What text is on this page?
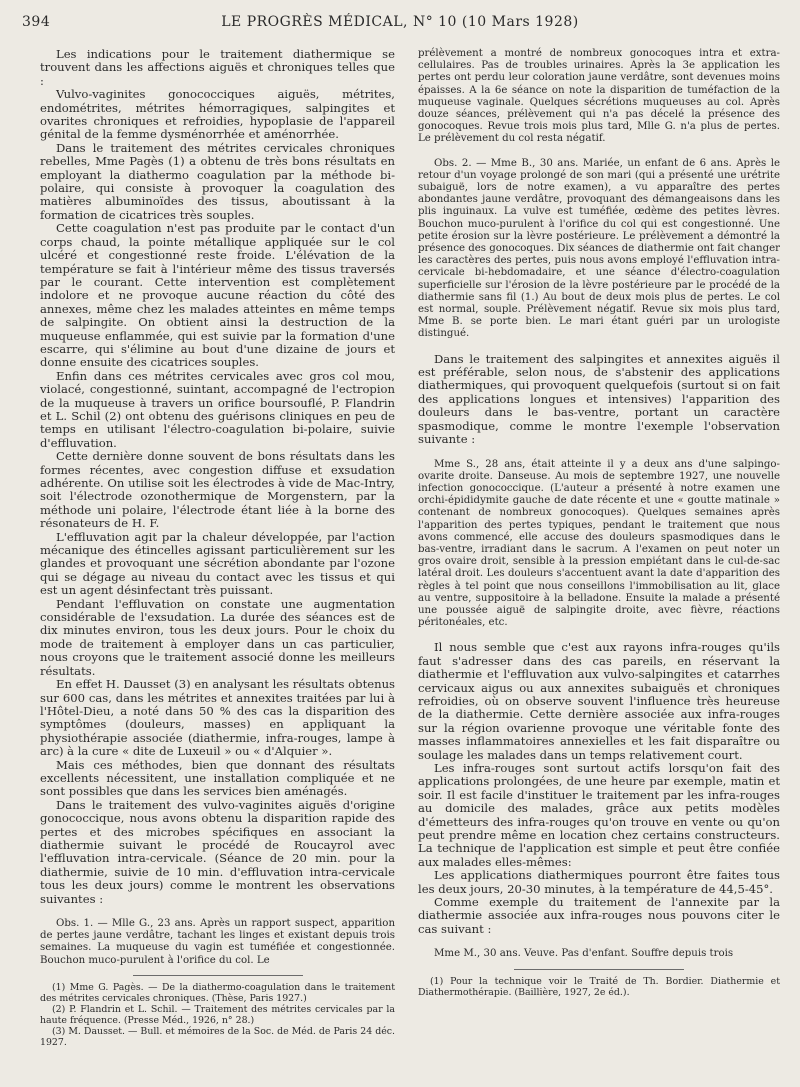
394	LE PROGRÈS MÉDICAL, N° 10 (10 Mars 1928)

Les indications pour le traitement diathermique se trouvent dans les affections aiguës et chroniques telles que :

Vulvo-vaginites gonococciques aiguës, métrites, endométrites, métrites hémorragiques, salpingites et ovarites chroniques et refroidies, hypoplasie de l'appareil génital de la femme dysménorrhée et aménorrhée.

Dans le traitement des métrites cervicales chroniques rebelles, Mme Pagès (1) a obtenu de très bons résultats en employant la diathermo coagulation par la méthode bi-polaire, qui consiste à provoquer la coagulation des matières albuminoïdes des tissus, aboutissant à la formation de cicatrices très souples.

Cette coagulation n'est pas produite par le contact d'un corps chaud, la pointe métallique appliquée sur le col ulcéré et congestionné reste froide. L'élévation de la température se fait à l'intérieur même des tissus traversés par le courant. Cette intervention est complètement indolore et ne provoque aucune réaction du côté des annexes, même chez les malades atteintes en même temps de salpingite. On obtient ainsi la destruction de la muqueuse enflammée, qui est suivie par la formation d'une escarre, qui s'élimine au bout d'une dizaine de jours et donne ensuite des cicatrices souples.

Enfin dans ces métrites cervicales avec gros col mou, violacé, congestionné, suintant, accompagné de l'ectropion de la muqueuse à travers un orifice boursouflé, P. Flandrin et L. Schil (2) ont obtenu des guérisons cliniques en peu de temps en utilisant l'électro-coagulation bi-polaire, suivie d'effluvation.

Cette dernière donne souvent de bons résultats dans les formes récentes, avec congestion diffuse et exsudation adhérente. On utilise soit les électrodes à vide de Mac-Intry, soit l'électrode ozonothermique de Morgenstern, par la méthode uni polaire, l'électrode étant liée à la borne des résonateurs de H. F.

L'effluvation agit par la chaleur développée, par l'action mécanique des étincelles agissant particulièrement sur les glandes et provoquant une sécrétion abondante par l'ozone qui se dégage au niveau du contact avec les tissus et qui est un agent désinfectant très puissant.

Pendant l'effluvation on constate une augmentation considérable de l'exsudation. La durée des séances est de dix minutes environ, tous les deux jours. Pour le choix du mode de traitement à employer dans un cas particulier, nous croyons que le traitement associé donne les meilleurs résultats.

En effet H. Dausset (3) en analysant les résultats obtenus sur 600 cas, dans les métrites et annexites traitées par lui à l'Hôtel-Dieu, a noté dans 50 % des cas la disparition des symptômes (douleurs, masses) en appliquant la physiothérapie associée (diathermie, infra-rouges, lampe à arc) à la cure « dite de Luxeuil » ou « d'Alquier ».

Mais ces méthodes, bien que donnant des résultats excellents nécessitent, une installation compliquée et ne sont possibles que dans les services bien aménagés.

Dans le traitement des vulvo-vaginites aiguës d'origine gonococcique, nous avons obtenu la disparition rapide des pertes et des microbes spécifiques en associant la diathermie suivant le procédé de Roucayrol avec l'effluvation intra-cervicale. (Séance de 20 min. pour la diathermie, suivie de 10 min. d'effluvation intra-cervicale tous les deux jours) comme le montrent les observations suivantes :

Obs. 1. — Mlle G., 23 ans. Après un rapport suspect, apparition de pertes jaune verdâtre, tachant les linges et existant depuis trois semaines. La muqueuse du vagin est tuméfiée et congestionnée. Bouchon muco-purulent à l'orifice du col. Le

(1) Mme G. Pagès. — De la diathermo-coagulation dans le traitement des métrites cervicales chroniques. (Thèse, Paris 1927.)

(2) P. Flandrin et L. Schil. — Traitement des métrites cervicales par la haute fréquence. (Presse Méd., 1926, n° 28.)

(3) M. Dausset. — Bull. et mémoires de la Soc. de Méd. de Paris 24 déc. 1927.

prélèvement a montré de nombreux gonocoques intra et extra-cellulaires. Pas de troubles urinaires. Après la 3e application les pertes ont perdu leur coloration jaune verdâtre, sont devenues moins épaisses. A la 6e séance on note la disparition de tuméfaction de la muqueuse vaginale. Quelques sécrétions muqueuses au col. Après douze séances, prélèvement qui n'a pas décelé la présence des gonocoques. Revue trois mois plus tard, Mlle G. n'a plus de pertes. Le prélèvement du col resta négatif.

Obs. 2. — Mme B., 30 ans. Mariée, un enfant de 6 ans. Après le retour d'un voyage prolongé de son mari (qui a présenté une urétrite subaiguë, lors de notre examen), a vu apparaître des pertes abondantes jaune verdâtre, provoquant des démangeaisons dans les plis inguinaux. La vulve est tuméfiée, œdème des petites lèvres. Bouchon muco-purulent à l'orifice du col qui est congestionné. Une petite érosion sur la lèvre postérieure. Le prélèvement a démontré la présence des gonocoques. Dix séances de diathermie ont fait changer les caractères des pertes, puis nous avons employé l'effluvation intra-cervicale bi-hebdomadaire, et une séance d'électro-coagulation superficielle sur l'érosion de la lèvre postérieure par le procédé de la diathermie sans fil (1.) Au bout de deux mois plus de pertes. Le col est normal, souple. Prélèvement négatif. Revue six mois plus tard, Mme B. se porte bien. Le mari étant guéri par un urologiste distingué.

Dans le traitement des salpingites et annexites aiguës il est préférable, selon nous, de s'abstenir des applications diathermiques, qui provoquent quelquefois (surtout si on fait des applications longues et intensives) l'apparition des douleurs dans le bas-ventre, portant un caractère spasmodique, comme le montre l'exemple l'observation suivante :

Mme S., 28 ans, était atteinte il y a deux ans d'une salpingo-ovarite droite. Danseuse. Au mois de septembre 1927, une nouvelle infection gonococcique. (L'auteur a présenté à notre examen une orchi-épididymite gauche de date récente et une « goutte matinale » contenant de nombreux gonocoques). Quelques semaines après l'apparition des pertes typiques, pendant le traitement que nous avons commencé, elle accuse des douleurs spasmodiques dans le bas-ventre, irradiant dans le sacrum. A l'examen on peut noter un gros ovaire droit, sensible à la pression empiétant dans le cul-de-sac latéral droit. Les douleurs s'accentuent avant la date d'apparition des règles à tel point que nous conseillons l'immobilisation au lit, glace au ventre, suppositoire à la belladone. Ensuite la malade a présenté une poussée aiguë de salpingite droite, avec fièvre, réactions péritonéales, etc.

Il nous semble que c'est aux rayons infra-rouges qu'ils faut s'adresser dans des cas pareils, en réservant la diathermie et l'effluvation aux vulvo-salpingites et catarrhes cervicaux aigus ou aux annexites subaiguës et chroniques refroidies, où on observe souvent l'influence très heureuse de la diathermie. Cette dernière associée aux infra-rouges sur la région ovarienne provoque une véritable fonte des masses inflammatoires annexielles et les fait disparaître ou soulage les malades dans un temps relativement court.

Les infra-rouges sont surtout actifs lorsqu'on fait des applications prolongées, de une heure par exemple, matin et soir. Il est facile d'instituer le traitement par les infra-rouges au domicile des malades, grâce aux petits modèles d'émetteurs des infra-rouges qu'on trouve en vente ou qu'on peut prendre même en location chez certains constructeurs. La technique de l'application est simple et peut être confiée aux malades elles-mêmes:

Les applications diathermiques pourront être faites tous les deux jours, 20-30 minutes, à la température de 44,5-45°.

Comme exemple du traitement de l'annexite par la diathermie associée aux infra-rouges nous pouvons citer le cas suivant :

Mme M., 30 ans. Veuve. Pas d'enfant. Souffre depuis trois

(1) Pour la technique voir le Traité de Th. Bordier. Diathermie et Diathermothérapie. (Baillière, 1927, 2e éd.).
